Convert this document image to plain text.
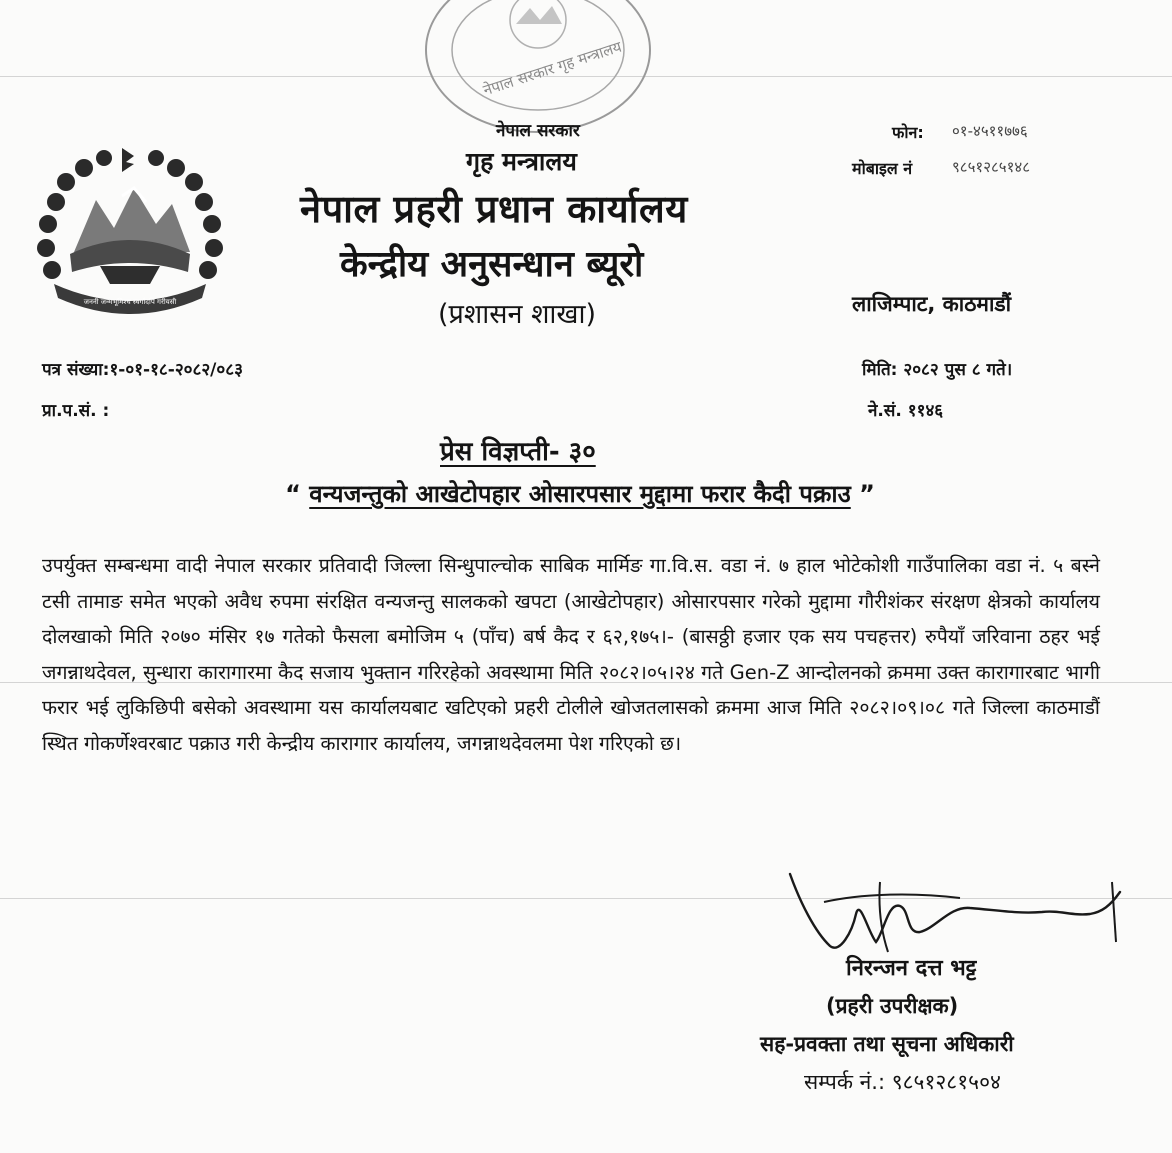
नेपाल सरकार गृह मन्त्रालय
जननी जन्मभूमिश्च स्वर्गादपि गरीयसी
नेपाल सरकार
गृह मन्त्रालय
नेपाल प्रहरी प्रधान कार्यालय
केन्द्रीय अनुसन्धान ब्यूरो
(प्रशासन शाखा)
फोन: ०१-४५११७७६
मोबाइल नं	९८५१२८५१४८
लाजिम्पाट, काठमाडौं
पत्र संख्या:१-०१-१८-२०८२/०८३
प्रा.प.सं. :
मिति: २०८२ पुस ८ गते।
ने.सं. ११४६
प्रेस विज्ञप्ती- ३०
“ वन्यजन्तुको आखेटोपहार ओसारपसार मुद्दामा फरार कैदी पक्राउ ”
उपर्युक्त सम्बन्धमा वादी नेपाल सरकार प्रतिवादी जिल्ला सिन्धुपाल्चोक साबिक मार्मिङ गा.वि.स. वडा नं. ७ हाल भोटेकोशी गाउँपालिका वडा नं. ५ बस्ने टसी तामाङ समेत भएको अवैध रुपमा संरक्षित वन्यजन्तु सालकको खपटा (आखेटोपहार) ओसारपसार गरेको मुद्दामा गौरीशंकर संरक्षण क्षेत्रको कार्यालय दोलखाको मिति २०७० मंसिर १७ गतेको फैसला बमोजिम ५ (पाँच) बर्ष कैद र ६२,१७५।- (बासठ्ठी हजार एक सय पचहत्तर) रुपैयाँ जरिवाना ठहर भई जगन्नाथदेवल, सुन्धारा कारागारमा कैद सजाय भुक्तान गरिरहेको अवस्थामा मिति २०८२।०५।२४ गते Gen-Z आन्दोलनको क्रममा उक्त कारागारबाट भागी फरार भई लुकिछिपी बसेको अवस्थामा यस कार्यालयबाट खटिएको प्रहरी टोलीले खोजतलासको क्रममा आज मिति २०८२।०९।०८ गते जिल्ला काठमाडौं स्थित गोकर्णेश्वरबाट पक्राउ गरी केन्द्रीय कारागार कार्यालय, जगन्नाथदेवलमा पेश गरिएको छ।
निरन्जन दत्त भट्ट
(प्रहरी उपरीक्षक)
सह-प्रवक्ता तथा सूचना अधिकारी
सम्पर्क नं.: ९८५१२८१५०४
